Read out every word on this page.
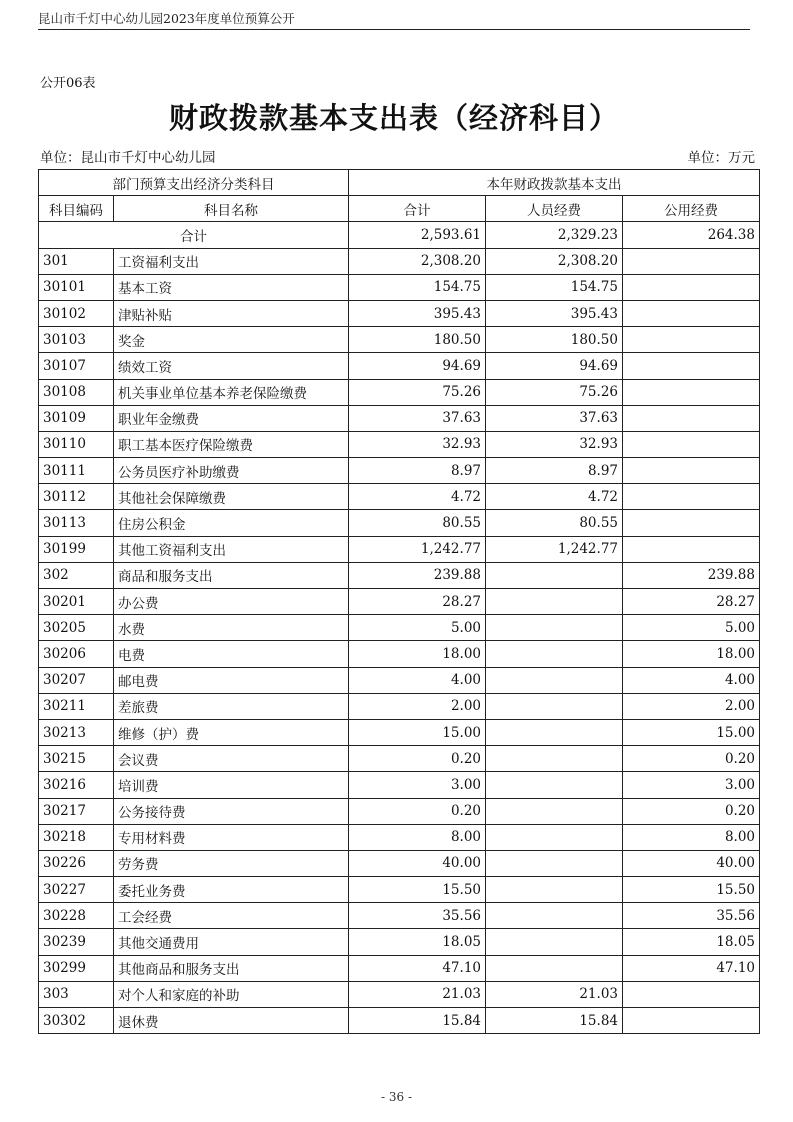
昆山市千灯中心幼儿园2023年度单位预算公开
公开06表
财政拨款基本支出表（经济科目）
单位：昆山市千灯中心幼儿园	单位：万元
部门预算支出经济分类科目		本年财政拨款基本支出		
科目编码	科目名称	合计	人员经费	公用经费
合计		2,593.61	2,329.23	264.38
301	工资福利支出	2,308.20	2,308.20	
30101	基本工资	154.75	154.75	
30102	津贴补贴	395.43	395.43	
30103	奖金	180.50	180.50	
30107	绩效工资	94.69	94.69	
30108	机关事业单位基本养老保险缴费	75.26	75.26	
30109	职业年金缴费	37.63	37.63	
30110	职工基本医疗保险缴费	32.93	32.93	
30111	公务员医疗补助缴费	8.97	8.97	
30112	其他社会保障缴费	4.72	4.72	
30113	住房公积金	80.55	80.55	
30199	其他工资福利支出	1,242.77	1,242.77	
302	商品和服务支出	239.88		239.88
30201	办公费	28.27		28.27
30205	水费	5.00		5.00
30206	电费	18.00		18.00
30207	邮电费	4.00		4.00
30211	差旅费	2.00		2.00
30213	维修（护）费	15.00		15.00
30215	会议费	0.20		0.20
30216	培训费	3.00		3.00
30217	公务接待费	0.20		0.20
30218	专用材料费	8.00		8.00
30226	劳务费	40.00		40.00
30227	委托业务费	15.50		15.50
30228	工会经费	35.56		35.56
30239	其他交通费用	18.05		18.05
30299	其他商品和服务支出	47.10		47.10
303	对个人和家庭的补助	21.03	21.03	
30302	退休费	15.84	15.84	
- 36 -
